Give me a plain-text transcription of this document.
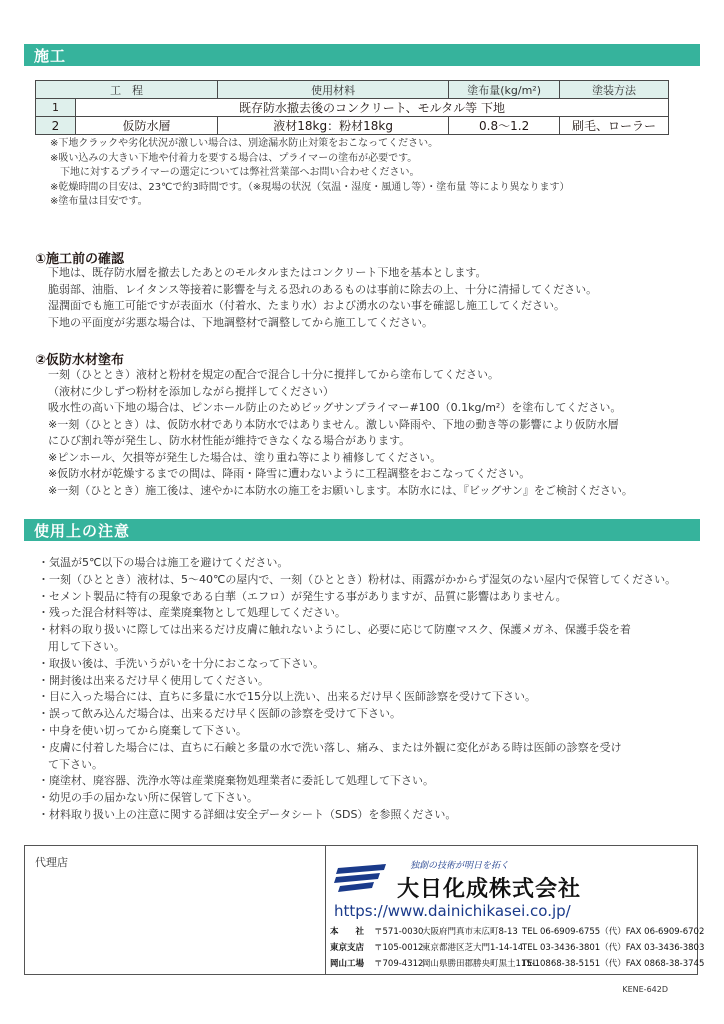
施工
工　程		使用材料	塗布量(kg/m²)	塗装方法
1	既存防水撤去後のコンクリート、モルタル等 下地			
2	仮防水層	液材18kg：粉材18kg	0.8〜1.2	刷毛、ローラー
※下地クラックや劣化状況が激しい場合は、別途漏水防止対策をおこなってください。
※吸い込みの大きい下地や付着力を要する場合は、プライマーの塗布が必要です。
　下地に対するプライマーの選定については弊社営業部へお問い合わせください。
※乾燥時間の目安は、23℃で約3時間です。（※現場の状況（気温・湿度・風通し等）・塗布量 等により異なります）
※塗布量は目安です。
①施工前の確認
下地は、既存防水層を撤去したあとのモルタルまたはコンクリート下地を基本とします。
脆弱部、油脂、レイタンス等接着に影響を与える恐れのあるものは事前に除去の上、十分に清掃してください。
湿潤面でも施工可能ですが表面水（付着水、たまり水）および湧水のない事を確認し施工してください。
下地の平面度が劣悪な場合は、下地調整材で調整してから施工してください。
②仮防水材塗布
一刻（ひととき）液材と粉材を規定の配合で混合し十分に撹拌してから塗布してください。
（液材に少しずつ粉材を添加しながら撹拌してください）
吸水性の高い下地の場合は、ピンホール防止のためビッグサンプライマー#100（0.1kg/m²）を塗布してください。
※一刻（ひととき）は、仮防水材であり本防水ではありません。激しい降雨や、下地の動き等の影響により仮防水層
にひび割れ等が発生し、防水材性能が維持できなくなる場合があります。
※ピンホール、欠損等が発生した場合は、塗り重ね等により補修してください。
※仮防水材が乾燥するまでの間は、降雨・降雪に遭わないように工程調整をおこなってください。
※一刻（ひととき）施工後は、速やかに本防水の施工をお願いします。本防水には、『ビッグサン』をご検討ください。
使用上の注意
・気温が5℃以下の場合は施工を避けてください。
・一刻（ひととき）液材は、5〜40℃の屋内で、一刻（ひととき）粉材は、雨露がかからず湿気のない屋内で保管してください。
・セメント製品に特有の現象である白華（エフロ）が発生する事がありますが、品質に影響はありません。
・残った混合材料等は、産業廃棄物として処理してください。
・材料の取り扱いに際しては出来るだけ皮膚に触れないようにし、必要に応じて防塵マスク、保護メガネ、保護手袋を着
用して下さい。
・取扱い後は、手洗いうがいを十分におこなって下さい。
・開封後は出来るだけ早く使用してください。
・目に入った場合には、直ちに多量に水で15分以上洗い、出来るだけ早く医師診察を受けて下さい。
・誤って飲み込んだ場合は、出来るだけ早く医師の診察を受けて下さい。
・中身を使い切ってから廃棄して下さい。
・皮膚に付着した場合には、直ちに石鹸と多量の水で洗い落し、痛み、または外観に変化がある時は医師の診察を受け
て下さい。
・廃塗材、廃容器、洗浄水等は産業廃棄物処理業者に委託して処理して下さい。
・幼児の手の届かない所に保管して下さい。
・材料取り扱い上の注意に関する詳細は安全データシート（SDS）を参照ください。
代理店	独創の技術が明日を拓く
大日化成株式会社
https://www.dainichikasei.co.jp/
本　　社 〒571-0030
大阪府門真市末広町8-13 TEL 06-6909-6755（代）FAX 06-6909-6702
東京支店 〒105-0012
東京都港区芝大門1-14-14
TEL 03-3436-3801（代）FAX 03-3436-3803
岡山工場 〒709-4312
岡山県勝田郡勝央町黒土115-1
TEL 0868-38-5151（代）FAX 0868-38-3745
KENE-642D
